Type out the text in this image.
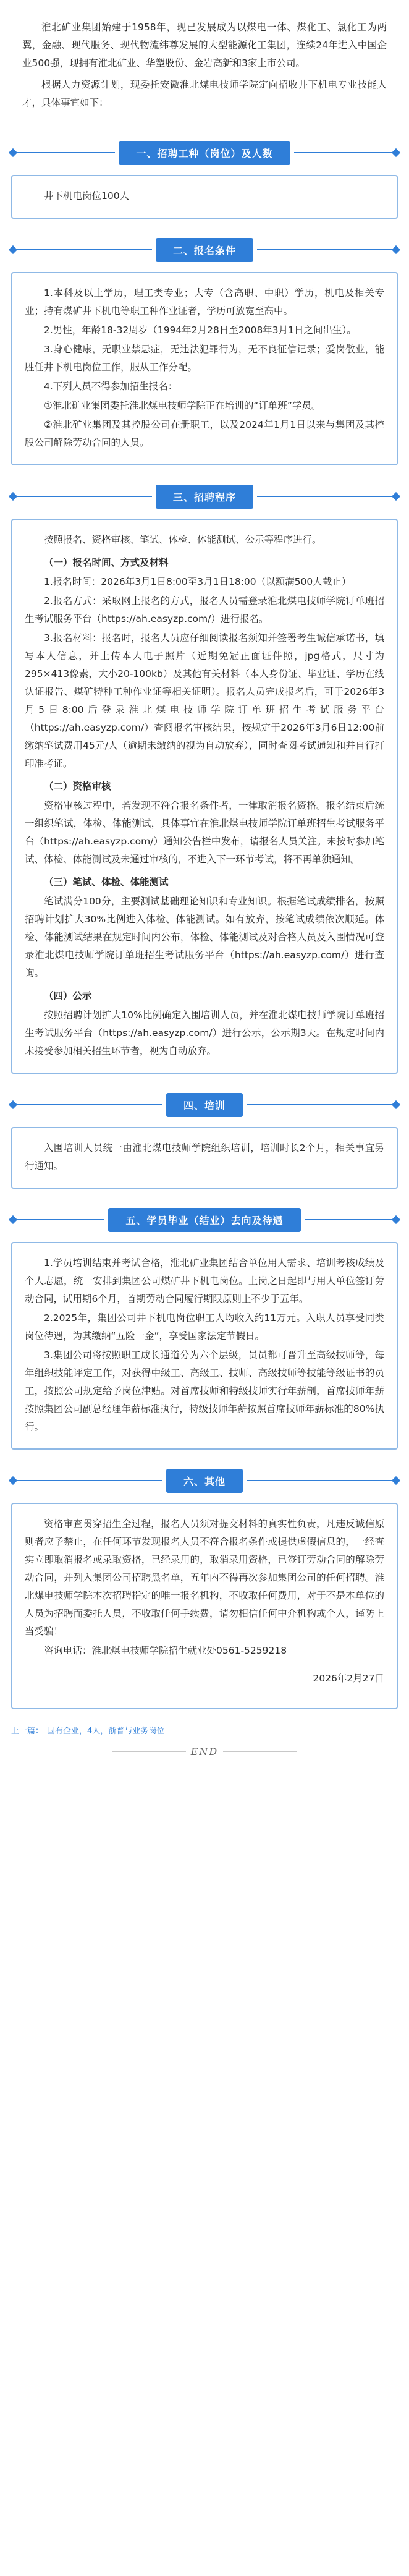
淮北矿业集团始建于1958年，现已发展成为以煤电一体、煤化工、氯化工为两翼，金融、现代服务、现代物流纬尊发展的大型能源化工集团，连续24年进入中国企业500强，现拥有淮北矿业、华塑股份、金岩高新和3家上市公司。

根据人力资源计划，现委托安徽淮北煤电技师学院定向招收井下机电专业技能人才，具体事宜如下：

一、招聘工种（岗位）及人数

井下机电岗位100人

二、报名条件

1.本科及以上学历，理工类专业；大专（含高职、中职）学历，机电及相关专业；持有煤矿井下机电等职工种作业证者，学历可放宽至高中。

2.男性，年龄18-32周岁（1994年2月28日至2008年3月1日之间出生）。

3.身心健康，无职业禁忌症，无违法犯罪行为，无不良征信记录；爱岗敬业，能胜任井下机电岗位工作，服从工作分配。

4.下列人员不得参加招生报名：

①淮北矿业集团委托淮北煤电技师学院正在培训的“订单班”学员。

②淮北矿业集团及其控股公司在册职工，以及2024年1月1日以来与集团及其控股公司解除劳动合同的人员。

三、招聘程序

按照报名、资格审核、笔试、体检、体能测试、公示等程序进行。

（一）报名时间、方式及材料

1.报名时间：2026年3月1日8:00至3月1日18:00（以额满500人截止）

2.报名方式：采取网上报名的方式，报名人员需登录淮北煤电技师学院订单班招生考试服务平台（https://ah.easyzp.com/）进行报名。

3.报名材料：报名时，报名人员应仔细阅读报名须知并签署考生诚信承诺书，填写本人信息，并上传本人电子照片（近期免冠正面证件照，jpg格式，尺寸为295×413像素，大小20-100kb）及其他有关材料（本人身份证、毕业证、学历在线认证报告、煤矿特种工种作业证等相关证明）。报名人员完成报名后，可于2026年3月5日8:00后登录淮北煤电技师学院订单班招生考试服务平台（https://ah.easyzp.com/）查阅报名审核结果，按规定于2026年3月6日12:00前缴纳笔试费用45元/人（逾期未缴纳的视为自动放弃），同时查阅考试通知和并自行打印准考证。

（二）资格审核

资格审核过程中，若发现不符合报名条件者，一律取消报名资格。报名结束后统一组织笔试，体检、体能测试，具体事宜在淮北煤电技师学院订单班招生考试服务平台（https://ah.easyzp.com/）通知公告栏中发布，请报名人员关注。未按时参加笔试、体检、体能测试及未通过审核的，不进入下一环节考试，将不再单独通知。

（三）笔试、体检、体能测试

笔试满分100分，主要测试基础理论知识和专业知识。根据笔试成绩排名，按照招聘计划扩大30%比例进入体检、体能测试。如有放弃，按笔试成绩依次顺延。体检、体能测试结果在规定时间内公布，体检、体能测试及对合格人员及入围情况可登录淮北煤电技师学院订单班招生考试服务平台（https://ah.easyzp.com/）进行查询。

（四）公示

按照招聘计划扩大10%比例确定入围培训人员，并在淮北煤电技师学院订单班招生考试服务平台（https://ah.easyzp.com/）进行公示，公示期3天。在规定时间内未接受参加相关招生环节者，视为自动放弃。

四、培训

入围培训人员统一由淮北煤电技师学院组织培训，培训时长2个月，相关事宜另行通知。

五、学员毕业（结业）去向及待遇

1.学员培训结束并考试合格，淮北矿业集团结合单位用人需求、培训考核成绩及个人志愿，统一安排到集团公司煤矿井下机电岗位。上岗之日起即与用人单位签订劳动合同，试用期6个月，首期劳动合同履行期限原则上不少于五年。

2.2025年，集团公司井下机电岗位职工人均收入约11万元。入职人员享受同类岗位待遇，为其缴纳“五险一金”，享受国家法定节假日。

3.集团公司将按照职工成长通道分为六个层级，员员都可晋升至高级技师等，每年组织技能评定工作，对获得中级工、高级工、技师、高级技师等技能等级证书的员工，按照公司规定给予岗位津贴。对首席技师和特级技师实行年薪制，首席技师年薪按照集团公司副总经理年薪标准执行，特级技师年薪按照首席技师年薪标准的80%执行。

六、其他

资格审查贯穿招生全过程，报名人员须对提交材料的真实性负责，凡违反诚信原则者应予禁止，在任何环节发现报名人员不符合报名条件或提供虚假信息的，一经查实立即取消报名或录取资格，已经录用的，取消录用资格，已签订劳动合同的解除劳动合同，并列入集团公司招聘黑名单，五年内不得再次参加集团公司的任何招聘。淮北煤电技师学院本次招聘指定的唯一报名机构，不收取任何费用，对于不是本单位的人员为招聘而委托人员，不收取任何手续费，请勿相信任何中介机构或个人，谨防上当受骗！

咨询电话：淮北煤电技师学院招生就业处0561-5259218

2026年2月27日

上一篇： 国有企业，4人，浙普与业务岗位
END
